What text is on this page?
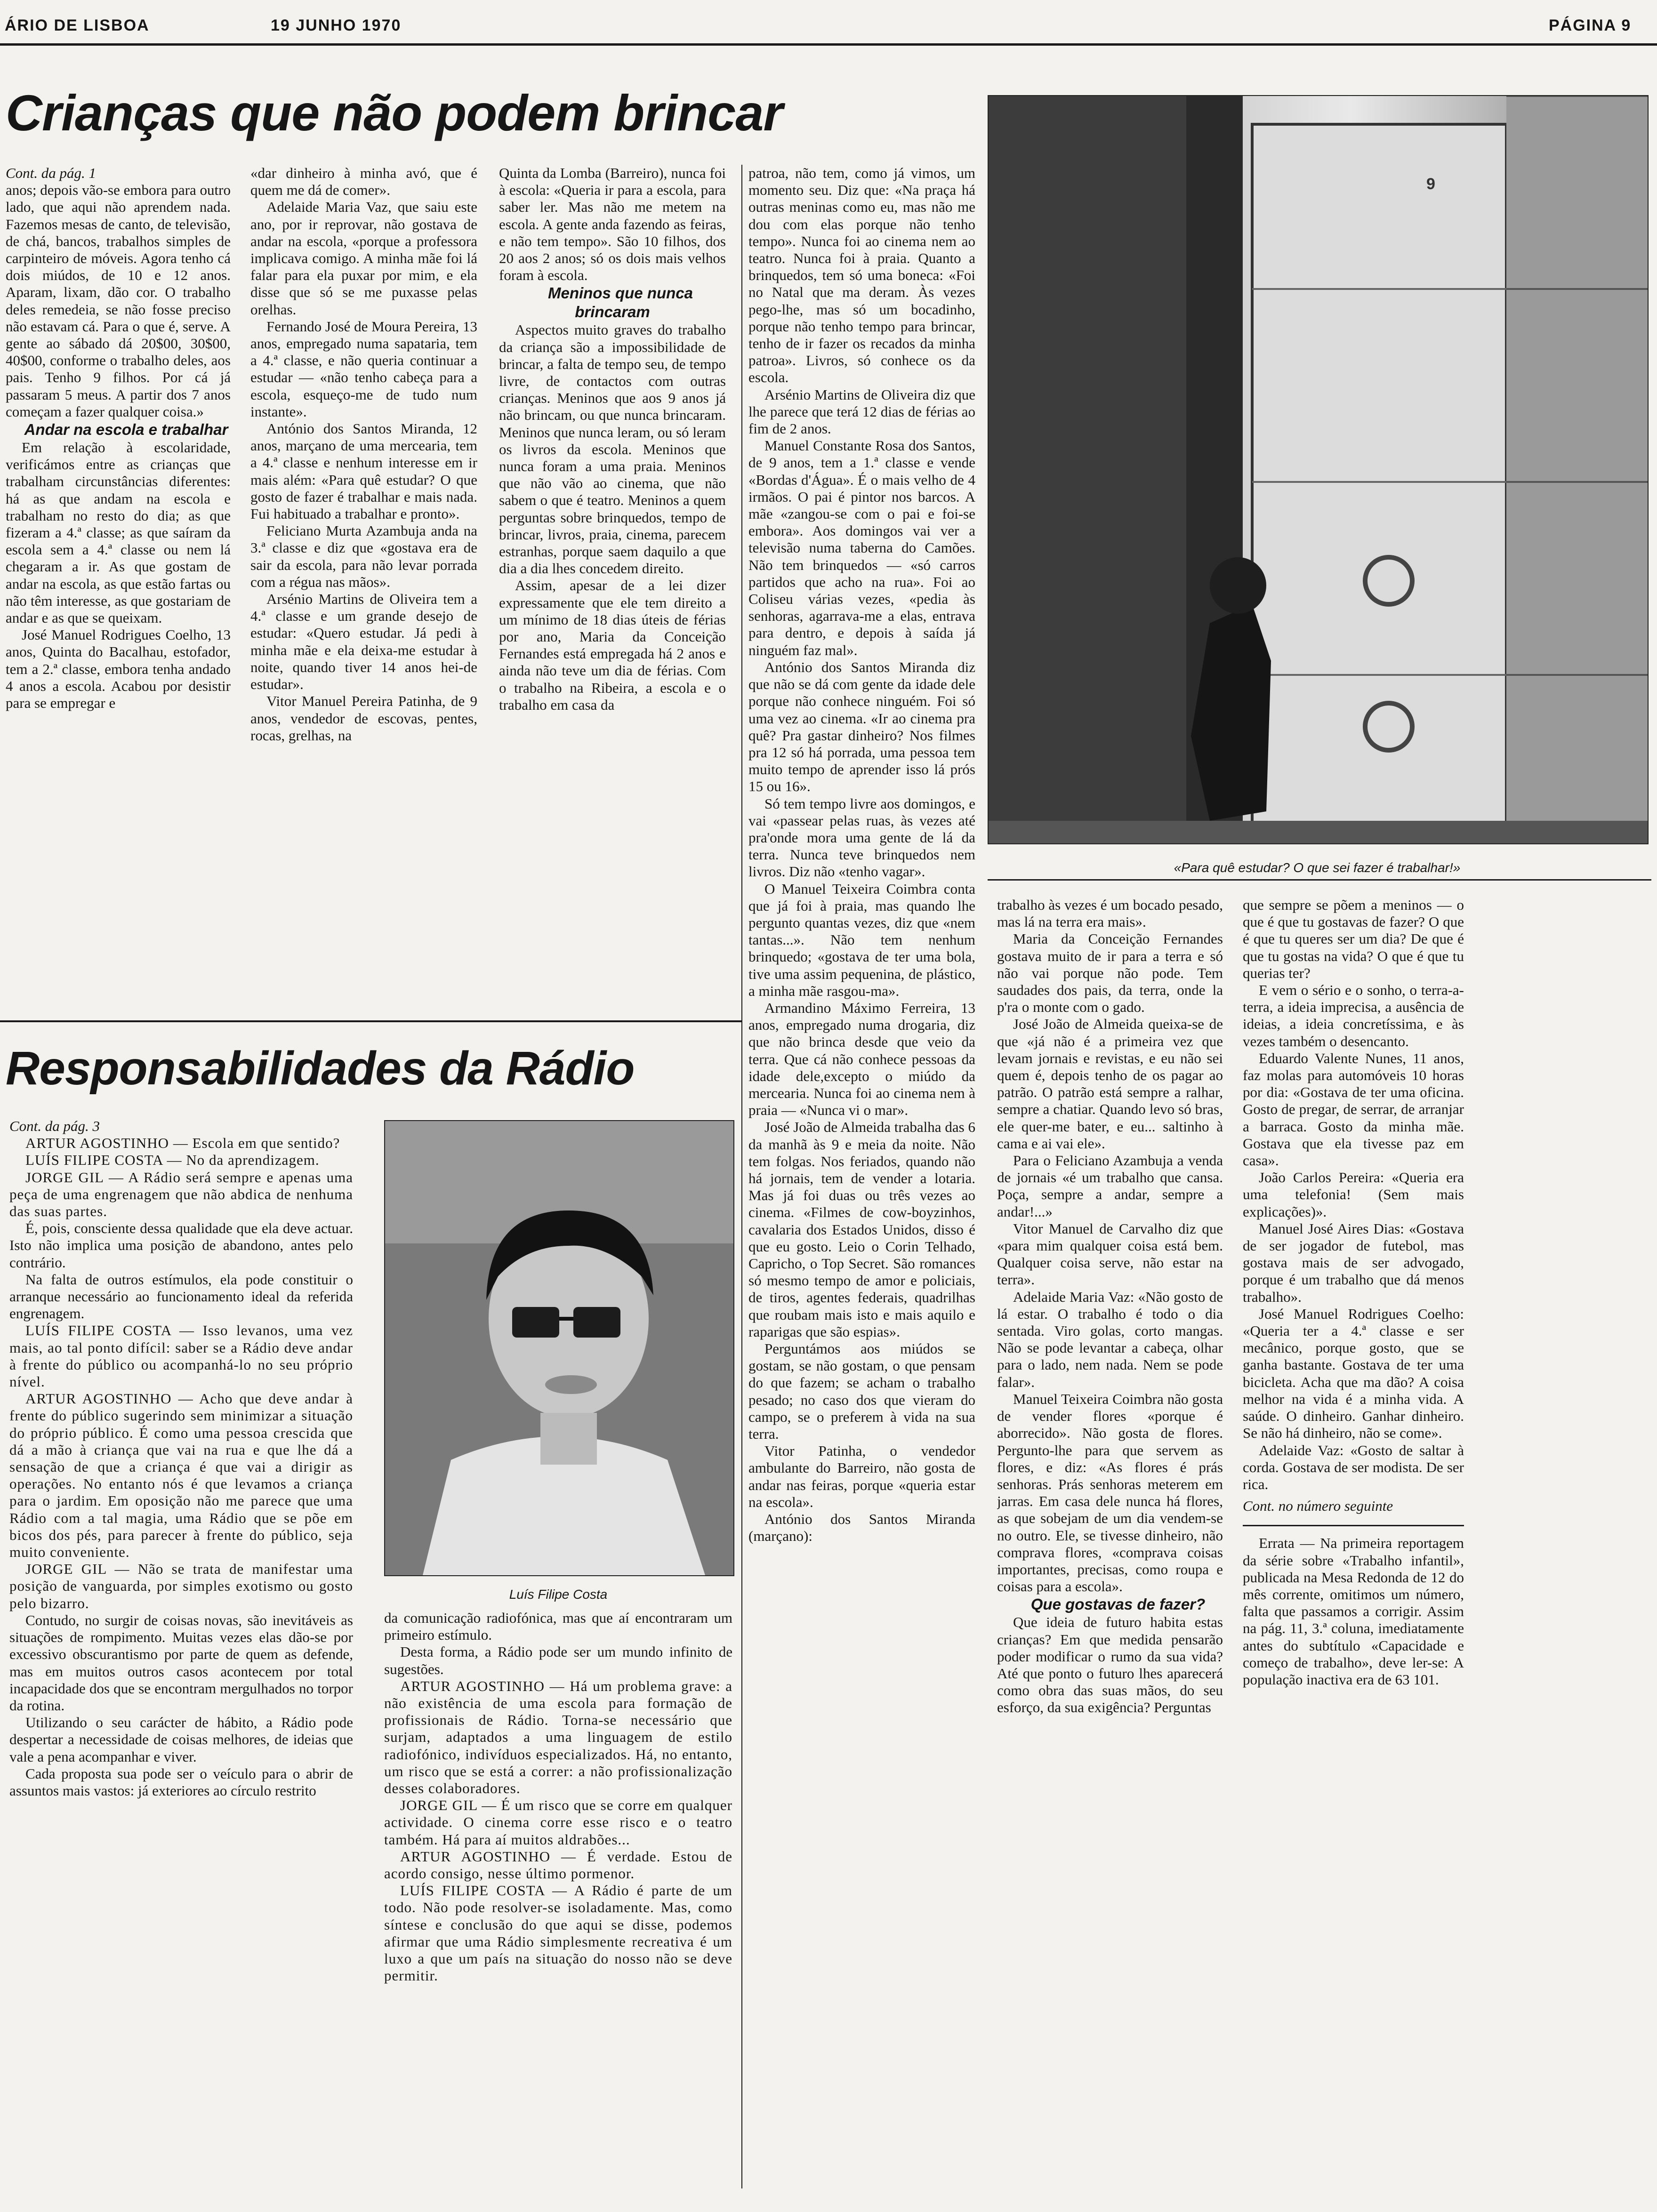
ÁRIO DE LISBOA	19 JUNHO 1970	PÁGINA 9
Crianças que não podem brincar

Cont. da pág. 1

anos; depois vão-se embora para outro lado, que aqui não aprendem nada. Fazemos mesas de canto, de televisão, de chá, bancos, trabalhos simples de carpinteiro de móveis. Agora tenho cá dois miúdos, de 10 e 12 anos. Aparam, lixam, dão cor. O trabalho deles remedeia, se não fosse preciso não estavam cá. Para o que é, serve. A gente ao sábado dá 20$00, 30$00, 40$00, conforme o trabalho deles, aos pais. Tenho 9 filhos. Por cá já passaram 5 meus. A partir dos 7 anos começam a fazer qualquer coisa.»

Andar na escola e trabalhar

Em relação à escolaridade, verificámos entre as crianças que trabalham circunstâncias diferentes: há as que andam na escola e trabalham no resto do dia; as que fizeram a 4.ª classe; as que saíram da escola sem a 4.ª classe ou nem lá chegaram a ir. As que gostam de andar na escola, as que estão fartas ou não têm interesse, as que gostariam de andar e as que se queixam.

José Manuel Rodrigues Coelho, 13 anos, Quinta do Bacalhau, estofador, tem a 2.ª classe, embora tenha andado 4 anos a escola. Acabou por desistir para se empregar e

«dar dinheiro à minha avó, que é quem me dá de comer».

Adelaide Maria Vaz, que saiu este ano, por ir reprovar, não gostava de andar na escola, «porque a professora implicava comigo. A minha mãe foi lá falar para ela puxar por mim, e ela disse que só se me puxasse pelas orelhas.

Fernando José de Moura Pereira, 13 anos, empregado numa sapataria, tem a 4.ª classe, e não queria continuar a estudar — «não tenho cabeça para a escola, esqueço-me de tudo num instante».

António dos Santos Miranda, 12 anos, marçano de uma mercearia, tem a 4.ª classe e nenhum interesse em ir mais além: «Para quê estudar? O que gosto de fazer é trabalhar e mais nada. Fui habituado a trabalhar e pronto».

Feliciano Murta Azambuja anda na 3.ª classe e diz que «gostava era de sair da escola, para não levar porrada com a régua nas mãos».

Arsénio Martins de Oliveira tem a 4.ª classe e um grande desejo de estudar: «Quero estudar. Já pedi à minha mãe e ela deixa-me estudar à noite, quando tiver 14 anos hei-de estudar».

Vitor Manuel Pereira Patinha, de 9 anos, vendedor de escovas, pentes, rocas, grelhas, na

Quinta da Lomba (Barreiro), nunca foi à escola: «Queria ir para a escola, para saber ler. Mas não me metem na escola. A gente anda fazendo as feiras, e não tem tempo». São 10 filhos, dos 20 aos 2 anos; só os dois mais velhos foram à escola.

Meninos que nunca brincaram

Aspectos muito graves do trabalho da criança são a impossibilidade de brincar, a falta de tempo seu, de tempo livre, de contactos com outras crianças. Meninos que aos 9 anos já não brincam, ou que nunca brincaram. Meninos que nunca leram, ou só leram os livros da escola. Meninos que nunca foram a uma praia. Meninos que não vão ao cinema, que não sabem o que é teatro. Meninos a quem perguntas sobre brinquedos, tempo de brincar, livros, praia, cinema, parecem estranhas, porque saem daquilo a que dia a dia lhes concedem direito.

Assim, apesar de a lei dizer expressamente que ele tem direito a um mínimo de 18 dias úteis de férias por ano, Maria da Conceição Fernandes está empregada há 2 anos e ainda não teve um dia de férias. Com o trabalho na Ribeira, a escola e o trabalho em casa da

patroa, não tem, como já vimos, um momento seu. Diz que: «Na praça há outras meninas como eu, mas não me dou com elas porque não tenho tempo». Nunca foi ao cinema nem ao teatro. Nunca foi à praia. Quanto a brinquedos, tem só uma boneca: «Foi no Natal que ma deram. Às vezes pego-lhe, mas só um bocadinho, porque não tenho tempo para brincar, tenho de ir fazer os recados da minha patroa». Livros, só conhece os da escola.

Arsénio Martins de Oliveira diz que lhe parece que terá 12 dias de férias ao fim de 2 anos.

Manuel Constante Rosa dos Santos, de 9 anos, tem a 1.ª classe e vende «Bordas d'Água». É o mais velho de 4 irmãos. O pai é pintor nos barcos. A mãe «zangou-se com o pai e foi-se embora». Aos domingos vai ver a televisão numa taberna do Camões. Não tem brinquedos — «só carros partidos que acho na rua». Foi ao Coliseu várias vezes, «pedia às senhoras, agarrava-me a elas, entrava para dentro, e depois à saída já ninguém faz mal».

António dos Santos Miranda diz que não se dá com gente da idade dele porque não conhece ninguém. Foi só uma vez ao cinema. «Ir ao cinema pra quê? Pra gastar dinheiro? Nos filmes pra 12 só há porrada, uma pessoa tem muito tempo de aprender isso lá prós 15 ou 16».

Só tem tempo livre aos domingos, e vai «passear pelas ruas, às vezes até pra'onde mora uma gente de lá da terra. Nunca teve brinquedos nem livros. Diz não «tenho vagar».

O Manuel Teixeira Coimbra conta que já foi à praia, mas quando lhe pergunto quantas vezes, diz que «nem tantas...». Não tem nenhum brinquedo; «gostava de ter uma bola, tive uma assim pequenina, de plástico, a minha mãe rasgou-ma».

Armandino Máximo Ferreira, 13 anos, empregado numa drogaria, diz que não brinca desde que veio da terra. Que cá não conhece pessoas da idade dele,excepto o miúdo da mercearia. Nunca foi ao cinema nem à praia — «Nunca vi o mar».

José João de Almeida trabalha das 6 da manhã às 9 e meia da noite. Não tem folgas. Nos feriados, quando não há jornais, tem de vender a lotaria. Mas já foi duas ou três vezes ao cinema. «Filmes de cow-boyzinhos, cavalaria dos Estados Unidos, disso é que eu gosto. Leio o Corin Telhado, Capricho, o Top Secret. São romances só mesmo tempo de amor e policiais, de tiros, agentes federais, quadrilhas que roubam mais isto e mais aquilo e raparigas que são espias».

Perguntámos aos miúdos se gostam, se não gostam, o que pensam do que fazem; se acham o trabalho pesado; no caso dos que vieram do campo, se o preferem à vida na sua terra.

Vitor Patinha, o vendedor ambulante do Barreiro, não gosta de andar nas feiras, porque «queria estar na escola».

António dos Santos Miranda (marçano):

9
«Para quê estudar? O que sei fazer é trabalhar!»

trabalho às vezes é um bocado pesado, mas lá na terra era mais».

Maria da Conceição Fernandes gostava muito de ir para a terra e só não vai porque não pode. Tem saudades dos pais, da terra, onde la p'ra o monte com o gado.

José João de Almeida queixa-se de que «já não é a primeira vez que levam jornais e revistas, e eu não sei quem é, depois tenho de os pagar ao patrão. O patrão está sempre a ralhar, sempre a chatiar. Quando levo só bras, ele quer-me bater, e eu... saltinho à cama e ai vai ele».

Para o Feliciano Azambuja a venda de jornais «é um trabalho que cansa. Poça, sempre a andar, sempre a andar!...»

Vitor Manuel de Carvalho diz que «para mim qualquer coisa está bem. Qualquer coisa serve, não estar na terra».

Adelaide Maria Vaz: «Não gosto de lá estar. O trabalho é todo o dia sentada. Viro golas, corto mangas. Não se pode levantar a cabeça, olhar para o lado, nem nada. Nem se pode falar».

Manuel Teixeira Coimbra não gosta de vender flores «porque é aborrecido». Não gosta de flores. Pergunto-lhe para que servem as flores, e diz: «As flores é prás senhoras. Prás senhoras meterem em jarras. Em casa dele nunca há flores, as que sobejam de um dia vendem-se no outro. Ele, se tivesse dinheiro, não comprava flores, «comprava coisas importantes, precisas, como roupa e coisas para a escola».

Que gostavas de fazer?

Que ideia de futuro habita estas crianças? Em que medida pensarão poder modificar o rumo da sua vida? Até que ponto o futuro lhes aparecerá como obra das suas mãos, do seu esforço, da sua exigência? Perguntas

que sempre se põem a meninos — o que é que tu gostavas de fazer? O que é que tu queres ser um dia? De que é que tu gostas na vida? O que é que tu querias ter?

E vem o sério e o sonho, o terra-a-terra, a ideia imprecisa, a ausência de ideias, a ideia concretíssima, e às vezes também o desencanto.

Eduardo Valente Nunes, 11 anos, faz molas para automóveis 10 horas por dia: «Gostava de ter uma oficina. Gosto de pregar, de serrar, de arranjar a barraca. Gosto da minha mãe. Gostava que ela tivesse paz em casa».

João Carlos Pereira: «Queria era uma telefonia! (Sem mais explicações)».

Manuel José Aires Dias: «Gostava de ser jogador de futebol, mas gostava mais de ser advogado, porque é um trabalho que dá menos trabalho».

José Manuel Rodrigues Coelho: «Queria ter a 4.ª classe e ser mecânico, porque gosto, que se ganha bastante. Gostava de ter uma bicicleta. Acha que ma dão? A coisa melhor na vida é a minha vida. A saúde. O dinheiro. Ganhar dinheiro. Se não há dinheiro, não se come».

Adelaide Vaz: «Gosto de saltar à corda. Gostava de ser modista. De ser rica.

Cont. no número seguinte

Errata — Na primeira reportagem da série sobre «Trabalho infantil», publicada na Mesa Redonda de 12 do mês corrente, omitimos um número, falta que passamos a corrigir. Assim na pág. 11, 3.ª coluna, imediatamente antes do subtítulo «Capacidade e começo de trabalho», deve ler-se: A população inactiva era de 63 101.

Responsabilidades da Rádio

Cont. da pág. 3

ARTUR AGOSTINHO — Escola em que sentido?

LUÍS FILIPE COSTA — No da aprendizagem.

JORGE GIL — A Rádio será sempre e apenas uma peça de uma engrenagem que não abdica de nenhuma das suas partes.

É, pois, consciente dessa qualidade que ela deve actuar. Isto não implica uma posição de abandono, antes pelo contrário.

Na falta de outros estímulos, ela pode constituir o arranque necessário ao funcionamento ideal da referida engrenagem.

LUÍS FILIPE COSTA — Isso levanos, uma vez mais, ao tal ponto difícil: saber se a Rádio deve andar à frente do público ou acompanhá-lo no seu próprio nível.

ARTUR AGOSTINHO — Acho que deve andar à frente do público sugerindo sem minimizar a situação do próprio público. É como uma pessoa crescida que dá a mão à criança que vai na rua e que lhe dá a sensação de que a criança é que vai a dirigir as operações. No entanto nós é que levamos a criança para o jardim. Em oposição não me parece que uma Rádio com a tal magia, uma Rádio que se põe em bicos dos pés, para parecer à frente do público, seja muito conveniente.

JORGE GIL — Não se trata de manifestar uma posição de vanguarda, por simples exotismo ou gosto pelo bizarro.

Contudo, no surgir de coisas novas, são inevitáveis as situações de rompimento. Muitas vezes elas dão-se por excessivo obscurantismo por parte de quem as defende, mas em muitos outros casos acontecem por total incapacidade dos que se encontram mergulhados no torpor da rotina.

Utilizando o seu carácter de hábito, a Rádio pode despertar a necessidade de coisas melhores, de ideias que vale a pena acompanhar e viver.

Cada proposta sua pode ser o veículo para o abrir de assuntos mais vastos: já exteriores ao círculo restrito

Luís Filipe Costa

da comunicação radiofónica, mas que aí encontraram um primeiro estímulo.

Desta forma, a Rádio pode ser um mundo infinito de sugestões.

ARTUR AGOSTINHO — Há um problema grave: a não existência de uma escola para formação de profissionais de Rádio. Torna-se necessário que surjam, adaptados a uma linguagem de estilo radiofónico, indivíduos especializados. Há, no entanto, um risco que se está a correr: a não profissionalização desses colaboradores.

JORGE GIL — É um risco que se corre em qualquer actividade. O cinema corre esse risco e o teatro também. Há para aí muitos aldrabões...

ARTUR AGOSTINHO — É verdade. Estou de acordo consigo, nesse último pormenor.

LUÍS FILIPE COSTA — A Rádio é parte de um todo. Não pode resolver-se isoladamente. Mas, como síntese e conclusão do que aqui se disse, podemos afirmar que uma Rádio simplesmente recreativa é um luxo a que um país na situação do nosso não se deve permitir.
